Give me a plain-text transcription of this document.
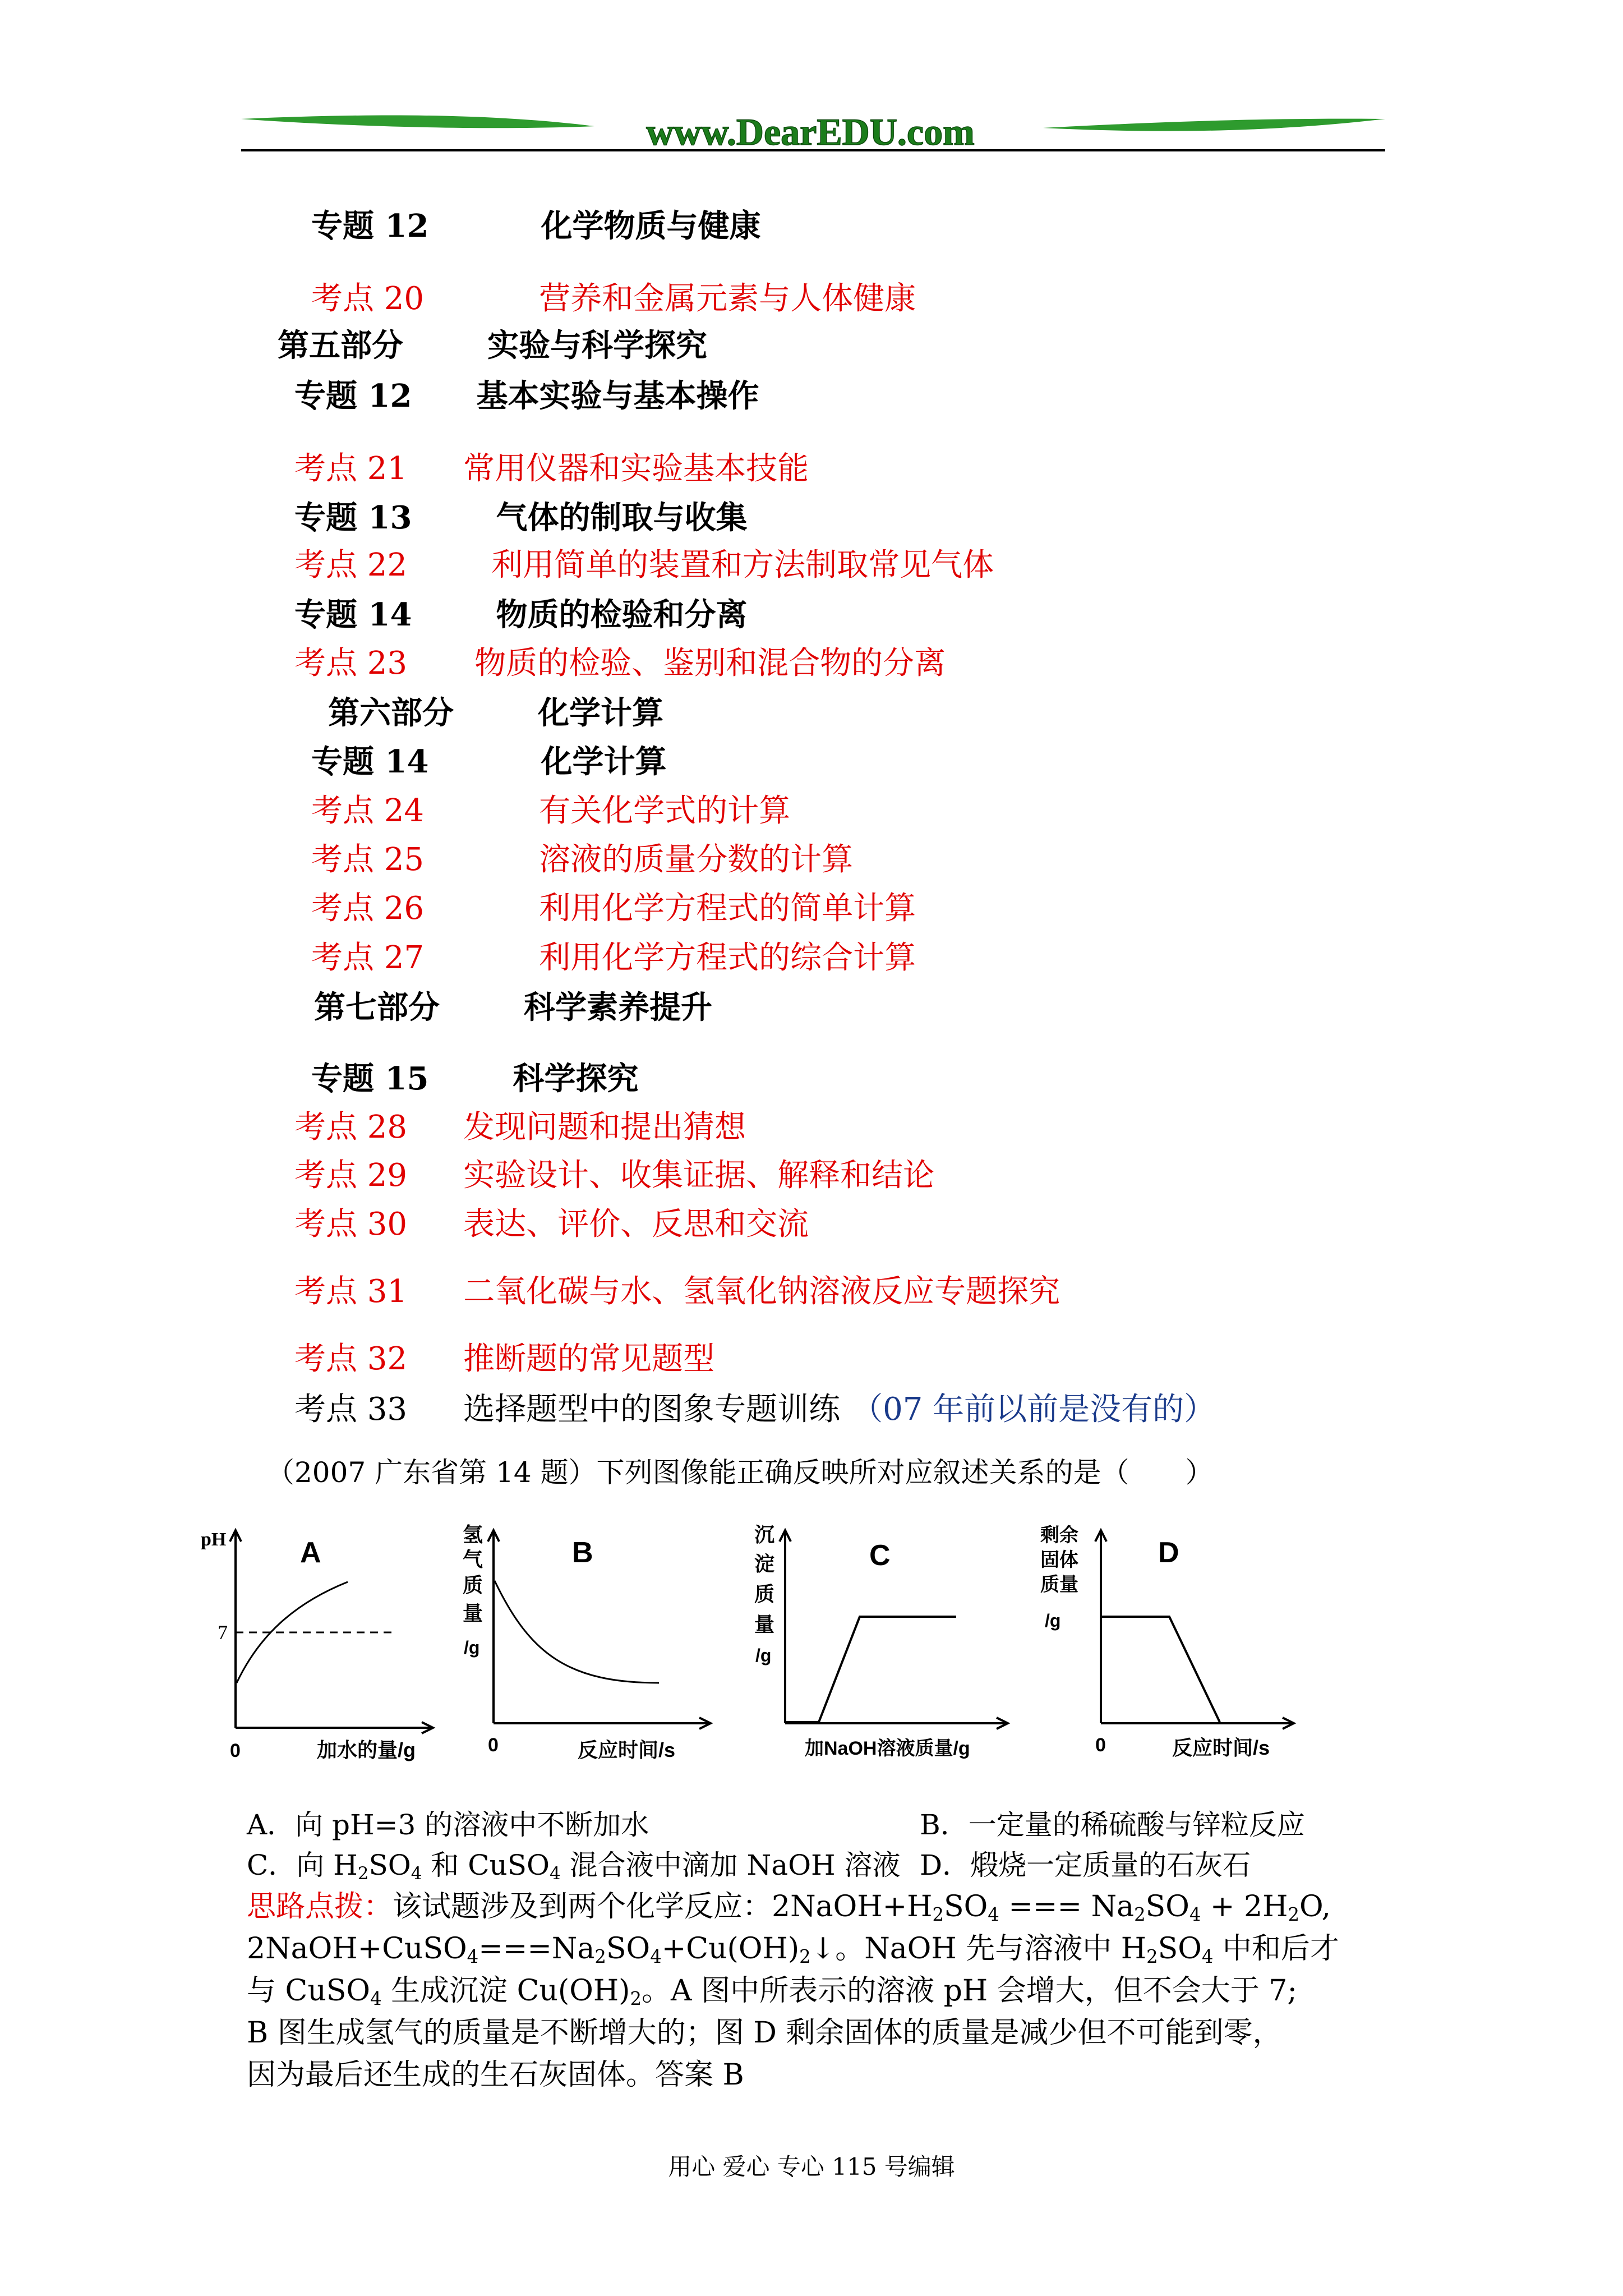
www.DearEDU.com
专题 12	化学物质与健康
考点 20	营养和金属元素与人体健康
第五部分	实验与科学探究
专题 12 基本实验与基本操作
考点 21 常用仪器和实验基本技能
专题 13	气体的制取与收集
考点 22	利用简单的装置和方法制取常见气体
专题 14	物质的检验和分离
考点 23 物质的检验、鉴别和混合物的分离
第六部分	化学计算
专题 14	化学计算
考点 24	有关化学式的计算
考点 25	溶液的质量分数的计算
考点 26	利用化学方程式的简单计算
考点 27	利用化学方程式的综合计算
第七部分	科学素养提升
专题 15	科学探究
考点 28 发现问题和提出猜想
考点 29 实验设计、收集证据、解释和结论
考点 30 表达、评价、反思和交流
考点 31 二氧化碳与水、氢氧化钠溶液反应专题探究
考点 32 推断题的常见题型
考点 33 选择题型中的图象专题训练 （07 年前以前是没有的）
（2007 广东省第 14 题）下列图像能正确反映所对应叙述关系的是（　　）
pH	A
7
0	加水的量/g
氢
气
质
量
/g
B
0	反应时间/s
沉
淀
质
量
/g
C
加NaOH溶液质量/g
剩余
固体
质量
/g
D
0	反应时间/s
A．向 pH=3 的溶液中不断加水	B．一定量的稀硫酸与锌粒反应
C．向 $H_2SO_4$ 和 CuSO$_4$ 混合液中滴加 NaOH 溶液 D．煅烧一定质量的石灰石
思路点拨：该试题涉及到两个化学反应：$2NaOH+H_2SO_4$ === $Na_2SO_4 + 2H_2O$,
$2NaOH+CuSO_4===Na_2SO_4+Cu(OH)_2↓$。NaOH 先与溶液中 $H_2SO_4$ 中和后才
与 CuSO$_4$ 生成沉淀 $Cu(OH)_2$。A 图中所表示的溶液 pH 会增大，但不会大于 7;
B 图生成氢气的质量是不断增大的；图 D 剩余固体的质量是减少但不可能到零，
因为最后还生成的生石灰固体。答案 B
用心 爱心 专心 115 号编辑
